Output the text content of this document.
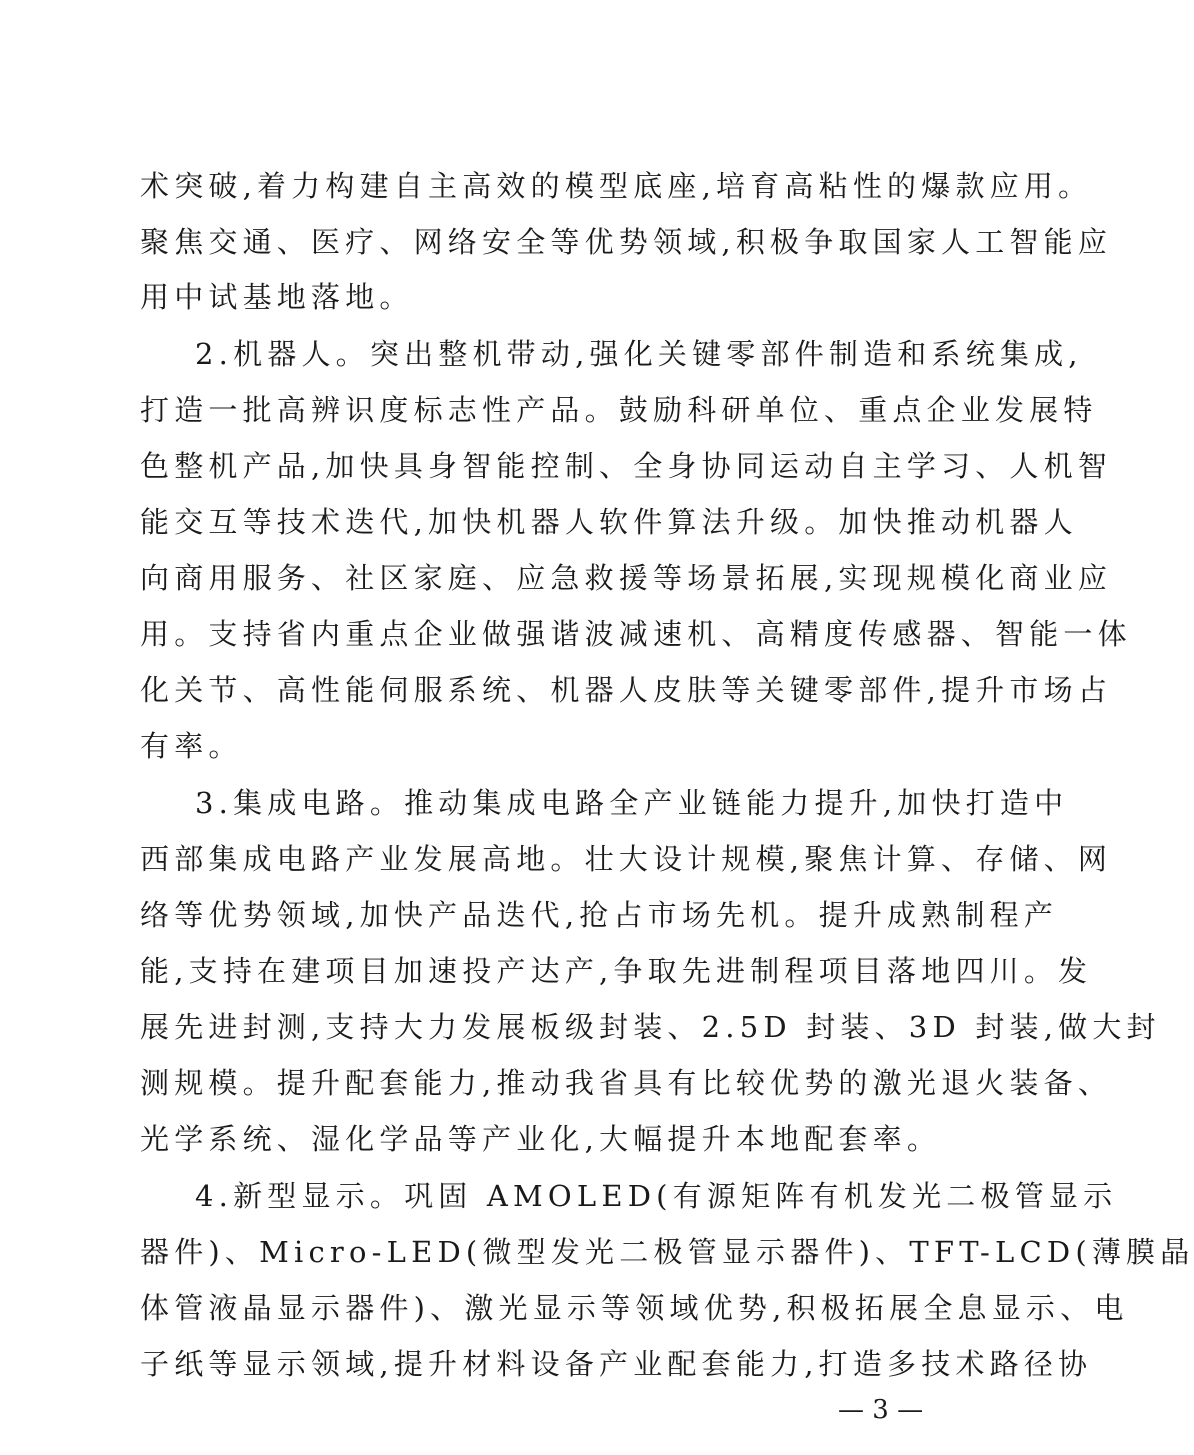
术突破,着力构建自主高效的模型底座,培育高粘性的爆款应用。
聚焦交通、医疗、网络安全等优势领域,积极争取国家人工智能应
用中试基地落地。
2.机器人。突出整机带动,强化关键零部件制造和系统集成,
打造一批高辨识度标志性产品。鼓励科研单位、重点企业发展特
色整机产品,加快具身智能控制、全身协同运动自主学习、人机智
能交互等技术迭代,加快机器人软件算法升级。加快推动机器人
向商用服务、社区家庭、应急救援等场景拓展,实现规模化商业应
用。支持省内重点企业做强谐波减速机、高精度传感器、智能一体
化关节、高性能伺服系统、机器人皮肤等关键零部件,提升市场占
有率。
3.集成电路。推动集成电路全产业链能力提升,加快打造中
西部集成电路产业发展高地。壮大设计规模,聚焦计算、存储、网
络等优势领域,加快产品迭代,抢占市场先机。提升成熟制程产
能,支持在建项目加速投产达产,争取先进制程项目落地四川。发
展先进封测,支持大力发展板级封装、2.5D 封装、3D 封装,做大封
测规模。提升配套能力,推动我省具有比较优势的激光退火装备、
光学系统、湿化学品等产业化,大幅提升本地配套率。
4.新型显示。巩固 AMOLED(有源矩阵有机发光二极管显示
器件)、Micro-LED(微型发光二极管显示器件)、TFT-LCD(薄膜晶
体管液晶显示器件)、激光显示等领域优势,积极拓展全息显示、电
子纸等显示领域,提升材料设备产业配套能力,打造多技术路径协
— 3 —
